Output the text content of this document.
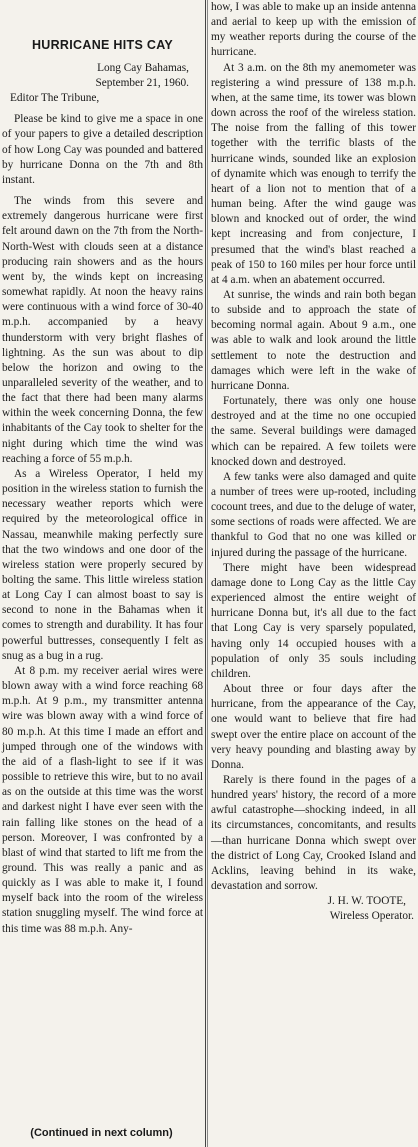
HURRICANE HITS CAY
Long Cay Bahamas,
September 21, 1960.
Editor The Tribune,

Please be kind to give me a space in one of your papers to give a detailed description of how Long Cay was pounded and battered by hurricane Donna on the 7th and 8th instant.

The winds from this severe and extremely dangerous hurricane were first felt around dawn on the 7th from the North-North-West with clouds seen at a distance producing rain showers and as the hours went by, the winds kept on increasing somewhat rapidly. At noon the heavy rains were continuous with a wind force of 30-40 m.p.h. accompanied by a heavy thunderstorm with very bright flashes of lightning. As the sun was about to dip below the horizon and owing to the unparalleled severity of the weather, and to the fact that there had been many alarms within the week concerning Donna, the few inhabitants of the Cay took to shelter for the night during which time the wind was reaching a force of 55 m.p.h.

As a Wireless Operator, I held my position in the wireless station to furnish the necessary weather reports which were required by the meteorological office in Nassau, meanwhile making perfectly sure that the two windows and one door of the wireless station were properly secured by bolting the same. This little wireless station at Long Cay I can almost boast to say is second to none in the Bahamas when it comes to strength and durability. It has four powerful buttresses, consequently I felt as snug as a bug in a rug.

At 8 p.m. my receiver aerial wires were blown away with a wind force reaching 68 m.p.h. At 9 p.m., my transmitter antenna wire was blown away with a wind force of 80 m.p.h. At this time I made an effort and jumped through one of the windows with the aid of a flash-light to see if it was possible to retrieve this wire, but to no avail as on the outside at this time was the worst and darkest night I have ever seen with the rain falling like stones on the head of a person. Moreover, I was confronted by a blast of wind that started to lift me from the ground. This was really a panic and as quickly as I was able to make it, I found myself back into the room of the wireless station snuggling myself. The wind force at this time was 88 m.p.h. Any-

(Continued in next column)

how, I was able to make up an inside antenna and aerial to keep up with the emission of my weather reports during the course of the hurricane.

At 3 a.m. on the 8th my anemometer was registering a wind pressure of 138 m.p.h. when, at the same time, its tower was blown down across the roof of the wireless station. The noise from the falling of this tower together with the terrific blasts of the hurricane winds, sounded like an explosion of dynamite which was enough to terrify the heart of a lion not to mention that of a human being. After the wind gauge was blown and knocked out of order, the wind kept increasing and from conjecture, I presumed that the wind's blast reached a peak of 150 to 160 miles per hour force until at 4 a.m. when an abatement occurred.

At sunrise, the winds and rain both began to subside and to approach the state of becoming normal again. About 9 a.m., one was able to walk and look around the little settlement to note the destruction and damages which were left in the wake of hurricane Donna.

Fortunately, there was only one house destroyed and at the time no one occupied the same. Several buildings were damaged which can be repaired. A few toilets were knocked down and destroyed.

A few tanks were also damaged and quite a number of trees were up-rooted, including cocount trees, and due to the deluge of water, some sections of roads were affected. We are thankful to God that no one was killed or injured during the passage of the hurricane.

There might have been widespread damage done to Long Cay as the little Cay experienced almost the entire weight of hurricane Donna but, it's all due to the fact that Long Cay is very sparsely populated, having only 14 occupied houses with a population of only 35 souls including children.

About three or four days after the hurricane, from the appearance of the Cay, one would want to believe that fire had swept over the entire place on account of the very heavy pounding and blasting away by Donna.

Rarely is there found in the pages of a hundred years' history, the record of a more awful catastrophe—shocking indeed, in all its circumstances, concomitants, and results—than hurricane Donna which swept over the district of Long Cay, Crooked Island and Acklins, leaving behind in its wake, devastation and sorrow.

J. H. W. TOOTE,
Wireless Operator.
